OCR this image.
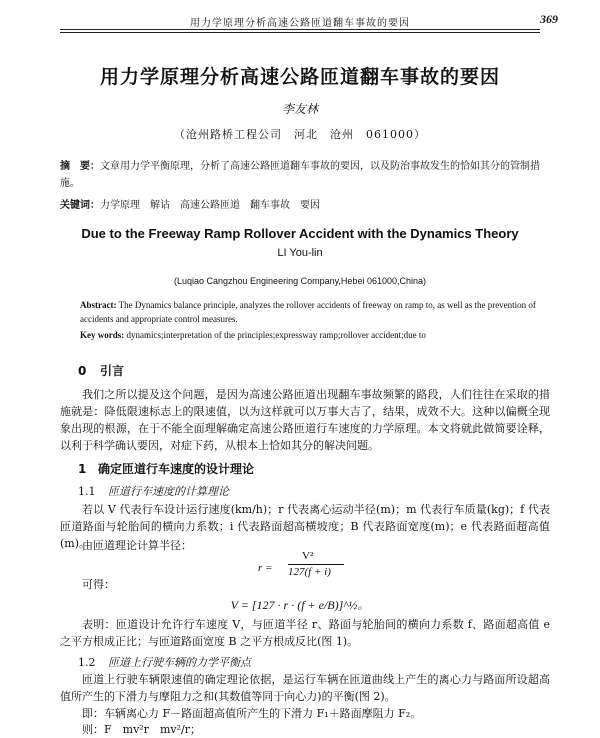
用力学原理分析高速公路匝道翻车事故的要因	369
用力学原理分析高速公路匝道翻车事故的要因
李友林
（沧州路桥工程公司　河北　沧州　061000）
摘　要：文章用力学平衡原理，分析了高速公路匝道翻车事故的要因，以及防治事故发生的恰如其分的管制措施。
关键词：力学原理　解诂　高速公路匝道　翻车事故　要因
Due to the Freeway Ramp Rollover Accident with the Dynamics Theory
LI You-lin
(Luqiao Cangzhou Engineering Company,Hebei 061000,China)
Abstract: The Dynamics balance principle, analyzes the rollover accidents of freeway on ramp to, as well as the prevention of accidents and appropriate control measures.
Key words: dynamics;interpretation of the principles;expressway ramp;rollover accident;due to
0 引言
我们之所以提及这个问题，是因为高速公路匝道出现翻车事故频繁的路段，人们往往在采取的措施就是：降低限速标志上的限速值，以为这样就可以万事大吉了，结果，成效不大。这种以偏概全现象出现的根源，在于不能全面理解确定高速公路匝道行车速度的力学原理。本文将就此做简要诠释，以利于科学确认要因，对症下药，从根本上恰如其分的解决问题。
1 确定匝道行车速度的设计理论
1.1 匝道行车速度的计算理论
若以 V 代表行车设计运行速度(km/h)；r 代表离心运动半径(m)；m 代表行车质量(kg)；f 代表匝道路面与轮胎间的横向力系数；i 代表路面超高横坡度；B 代表路面宽度(m)；e 代表路面超高值(m)。
由匝道理论计算半径：
r =
V²
127(f + i)
可得：
V = [127 · r · (f + e/B)]^½。
表明：匝道设计允许行车速度 V，与匝道半径 r、路面与轮胎间的横向力系数 f、路面超高值 e 之平方根成正比；与匝道路面宽度 B 之平方根成反比(图 1)。
1.2 匝道上行驶车辆的力学平衡点
匝道上行驶车辆限速值的确定理论依据，是运行车辆在匝道曲线上产生的离心力与路面所设超高值所产生的下滑力与摩阻力之和(其数值等同于向心力)的平衡(图 2)。
即：车辆离心力 F－路面超高值所产生的下滑力 F₁＋路面摩阻力 F₂。
则：F　mv²r　mv²/r；
